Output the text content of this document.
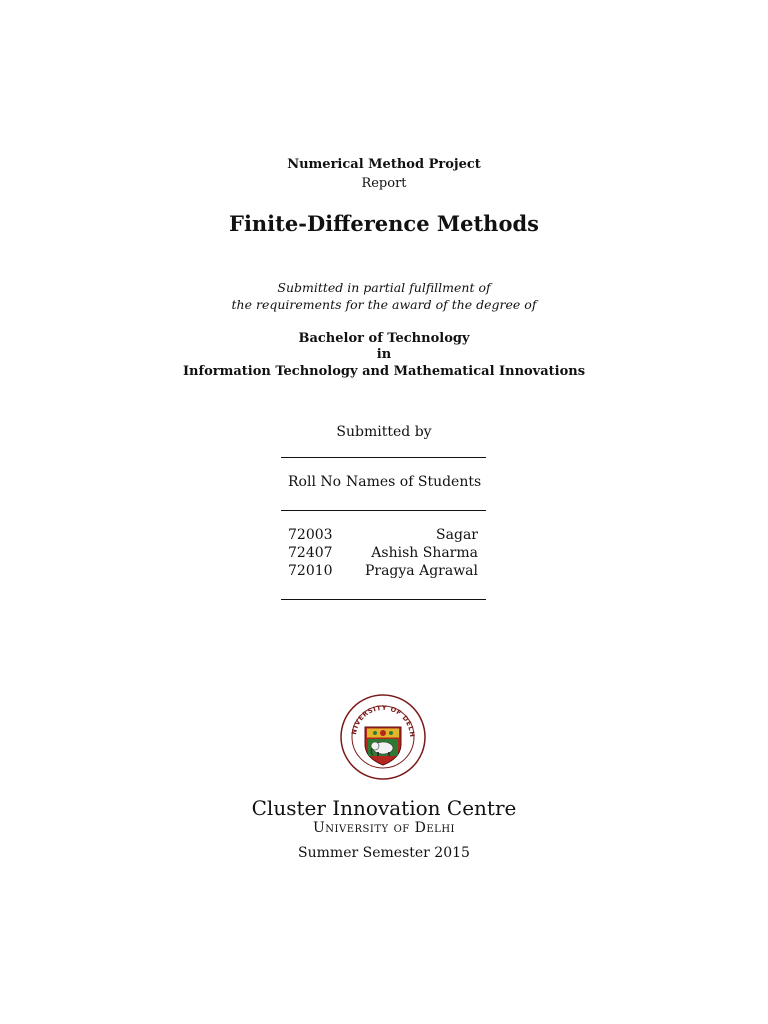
Numerical Method Project
Report
Finite-Difference Methods
Submitted in partial fulfillment of
the requirements for the award of the degree of
Bachelor of Technology
in
Information Technology and Mathematical Innovations
Submitted by
Roll No Names of Students
72003	Sagar
72407	Ashish Sharma
72010 Pragya Agrawal
NIVERSITY OF DELH
Cluster Innovation Centre
University of Delhi
Summer Semester 2015
